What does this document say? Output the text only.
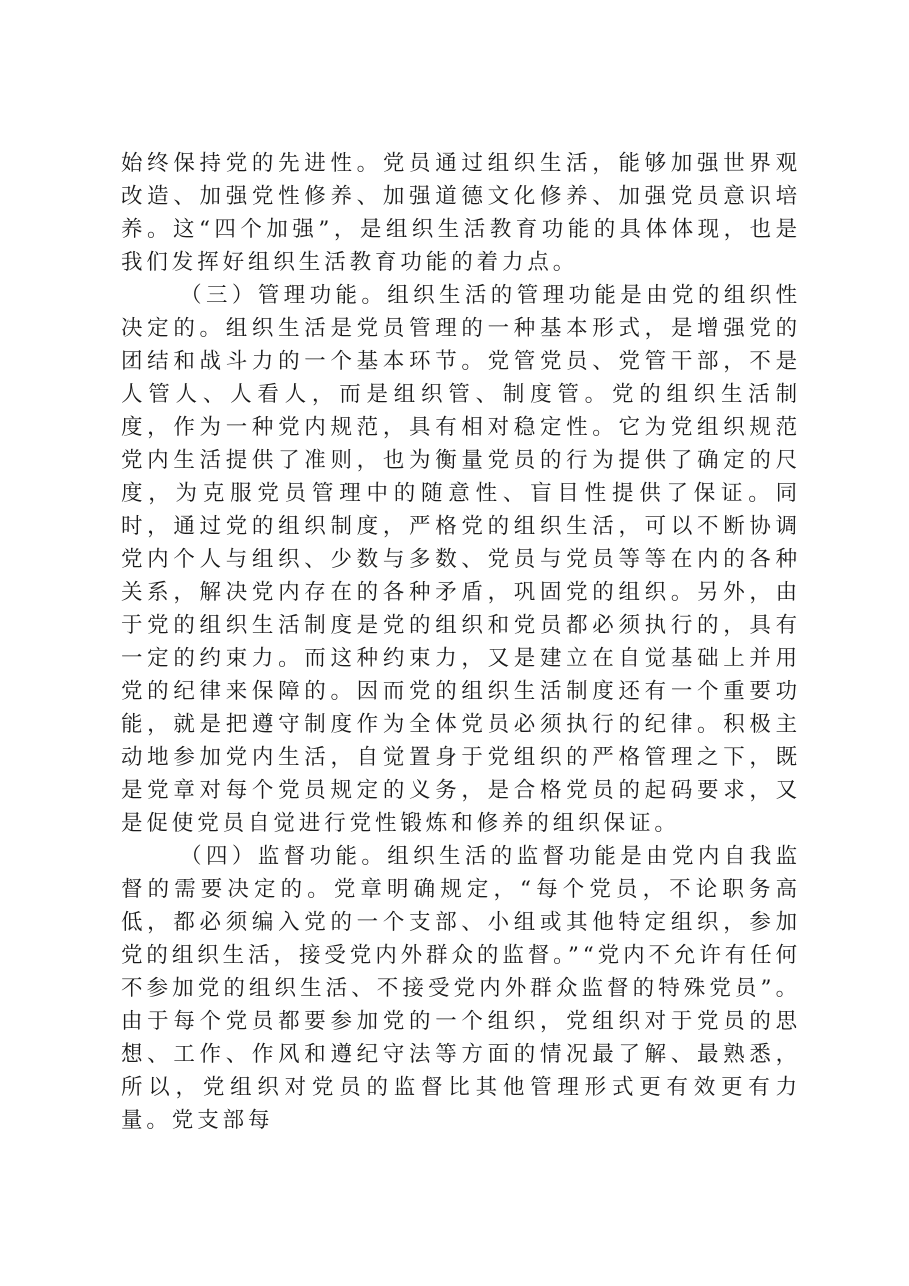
始终保持党的先进性。党员通过组织生活，能够加强世界观改造、加强党性修养、加强道德文化修养、加强党员意识培养。这“四个加强”，是组织生活教育功能的具体体现，也是我们发挥好组织生活教育功能的着力点。

（三）管理功能。组织生活的管理功能是由党的组织性决定的。组织生活是党员管理的一种基本形式，是增强党的团结和战斗力的一个基本环节。党管党员、党管干部，不是人管人、人看人，而是组织管、制度管。党的组织生活制度，作为一种党内规范，具有相对稳定性。它为党组织规范党内生活提供了准则，也为衡量党员的行为提供了确定的尺度，为克服党员管理中的随意性、盲目性提供了保证。同时，通过党的组织制度，严格党的组织生活，可以不断协调党内个人与组织、少数与多数、党员与党员等等在内的各种关系，解决党内存在的各种矛盾，巩固党的组织。另外，由于党的组织生活制度是党的组织和党员都必须执行的，具有一定的约束力。而这种约束力，又是建立在自觉基础上并用党的纪律来保障的。因而党的组织生活制度还有一个重要功能，就是把遵守制度作为全体党员必须执行的纪律。积极主动地参加党内生活，自觉置身于党组织的严格管理之下，既是党章对每个党员规定的义务，是合格党员的起码要求，又是促使党员自觉进行党性锻炼和修养的组织保证。

（四）监督功能。组织生活的监督功能是由党内自我监督的需要决定的。党章明确规定，“每个党员，不论职务高低，都必须编入党的一个支部、小组或其他特定组织，参加党的组织生活，接受党内外群众的监督。”“党内不允许有任何不参加党的组织生活、不接受党内外群众监督的特殊党员”。由于每个党员都要参加党的一个组织，党组织对于党员的思想、工作、作风和遵纪守法等方面的情况最了解、最熟悉，所以，党组织对党员的监督比其他管理形式更有效更有力量。党支部每
